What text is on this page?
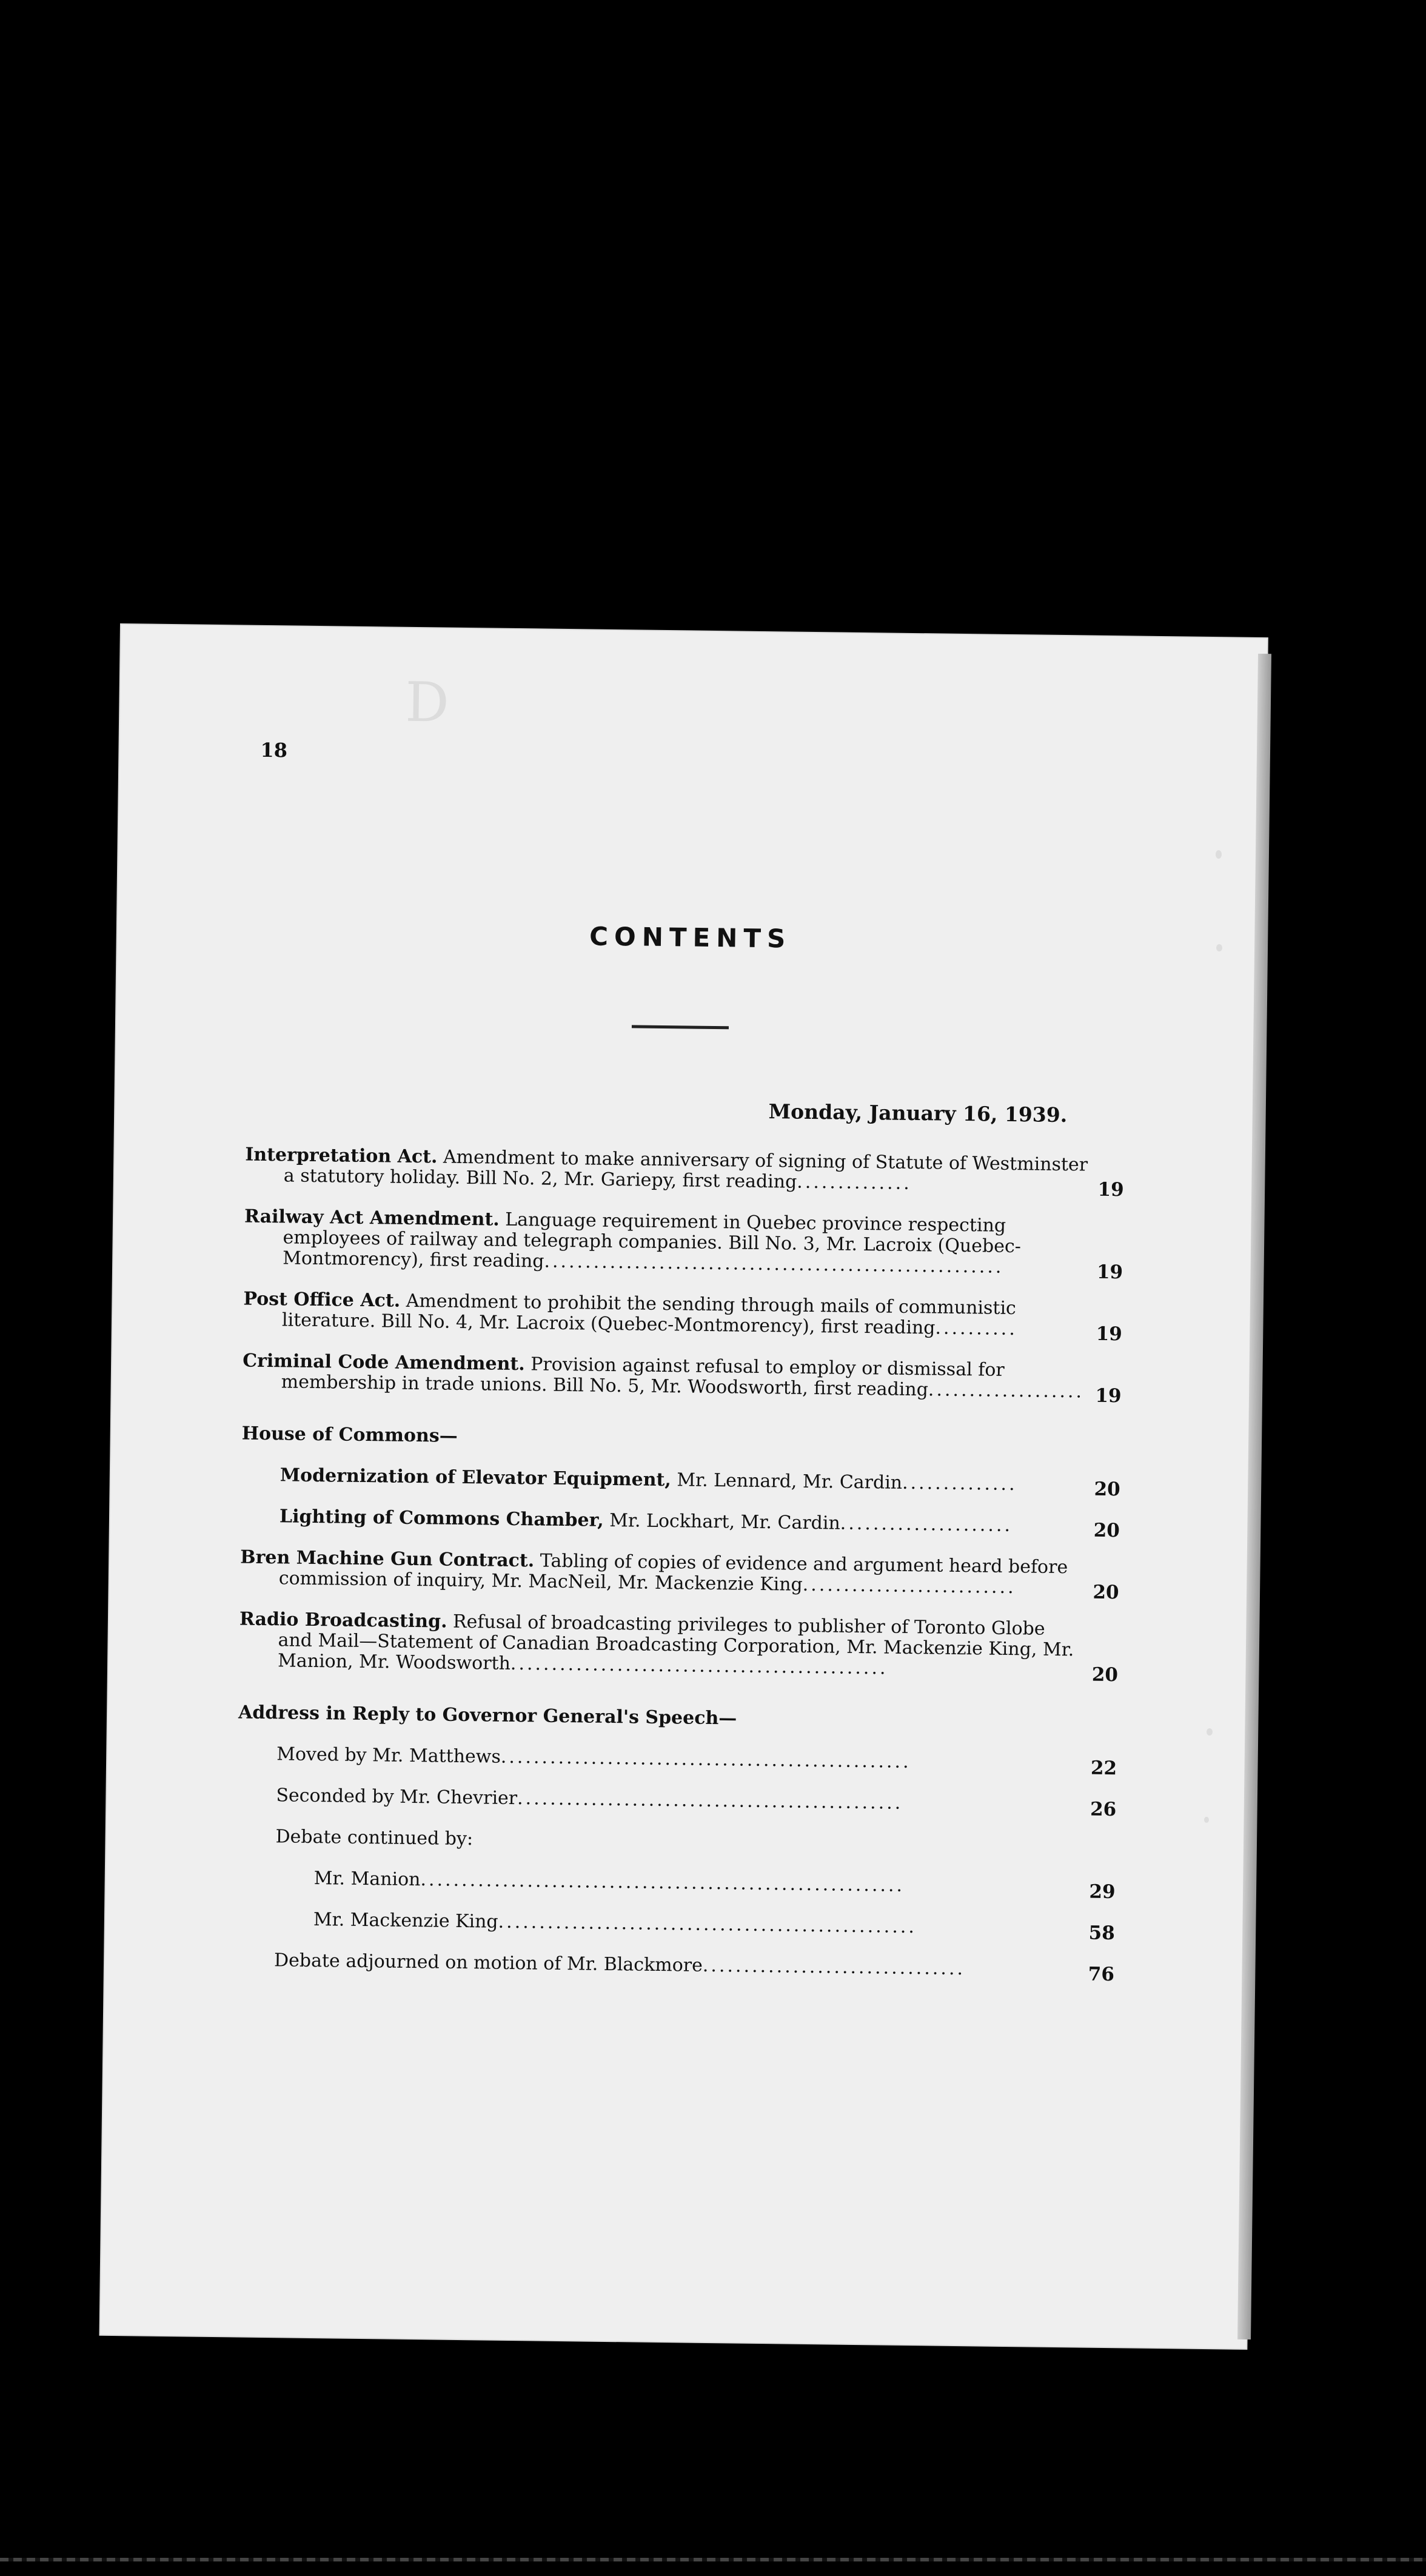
D
18
CONTENTS
Monday, January 16, 1939.
Interpretation Act. Amendment to make anniversary of signing of Statute of Westminster a statutory holiday. Bill No. 2, Mr. Gariepy, first reading..............	19
Railway Act Amendment. Language requirement in Quebec province respecting employees of railway and telegraph companies. Bill No. 3, Mr. Lacroix (Quebec-Montmorency), first reading........................................................	19
Post Office Act. Amendment to prohibit the sending through mails of communistic literature. Bill No. 4, Mr. Lacroix (Quebec-Montmorency), first reading..........	19
Criminal Code Amendment. Provision against refusal to employ or dismissal for membership in trade unions. Bill No. 5, Mr. Woodsworth, first reading................... 19
House of Commons—
Modernization of Elevator Equipment, Mr. Lennard, Mr. Cardin..............	20
Lighting of Commons Chamber, Mr. Lockhart, Mr. Cardin.....................	20
Bren Machine Gun Contract. Tabling of copies of evidence and argument heard before commission of inquiry, Mr. MacNeil, Mr. Mackenzie King..........................	20
Radio Broadcasting. Refusal of broadcasting privileges to publisher of Toronto Globe and Mail—Statement of Canadian Broadcasting Corporation, Mr. Mackenzie King, Mr. Manion, Mr. Woodsworth..............................................	20
Address in Reply to Governor General's Speech—
Moved by Mr. Matthews..................................................	22
Seconded by Mr. Chevrier...............................................	26
Debate continued by:
Mr. Manion...........................................................	29
Mr. Mackenzie King...................................................	58
Debate adjourned on motion of Mr. Blackmore................................	76
